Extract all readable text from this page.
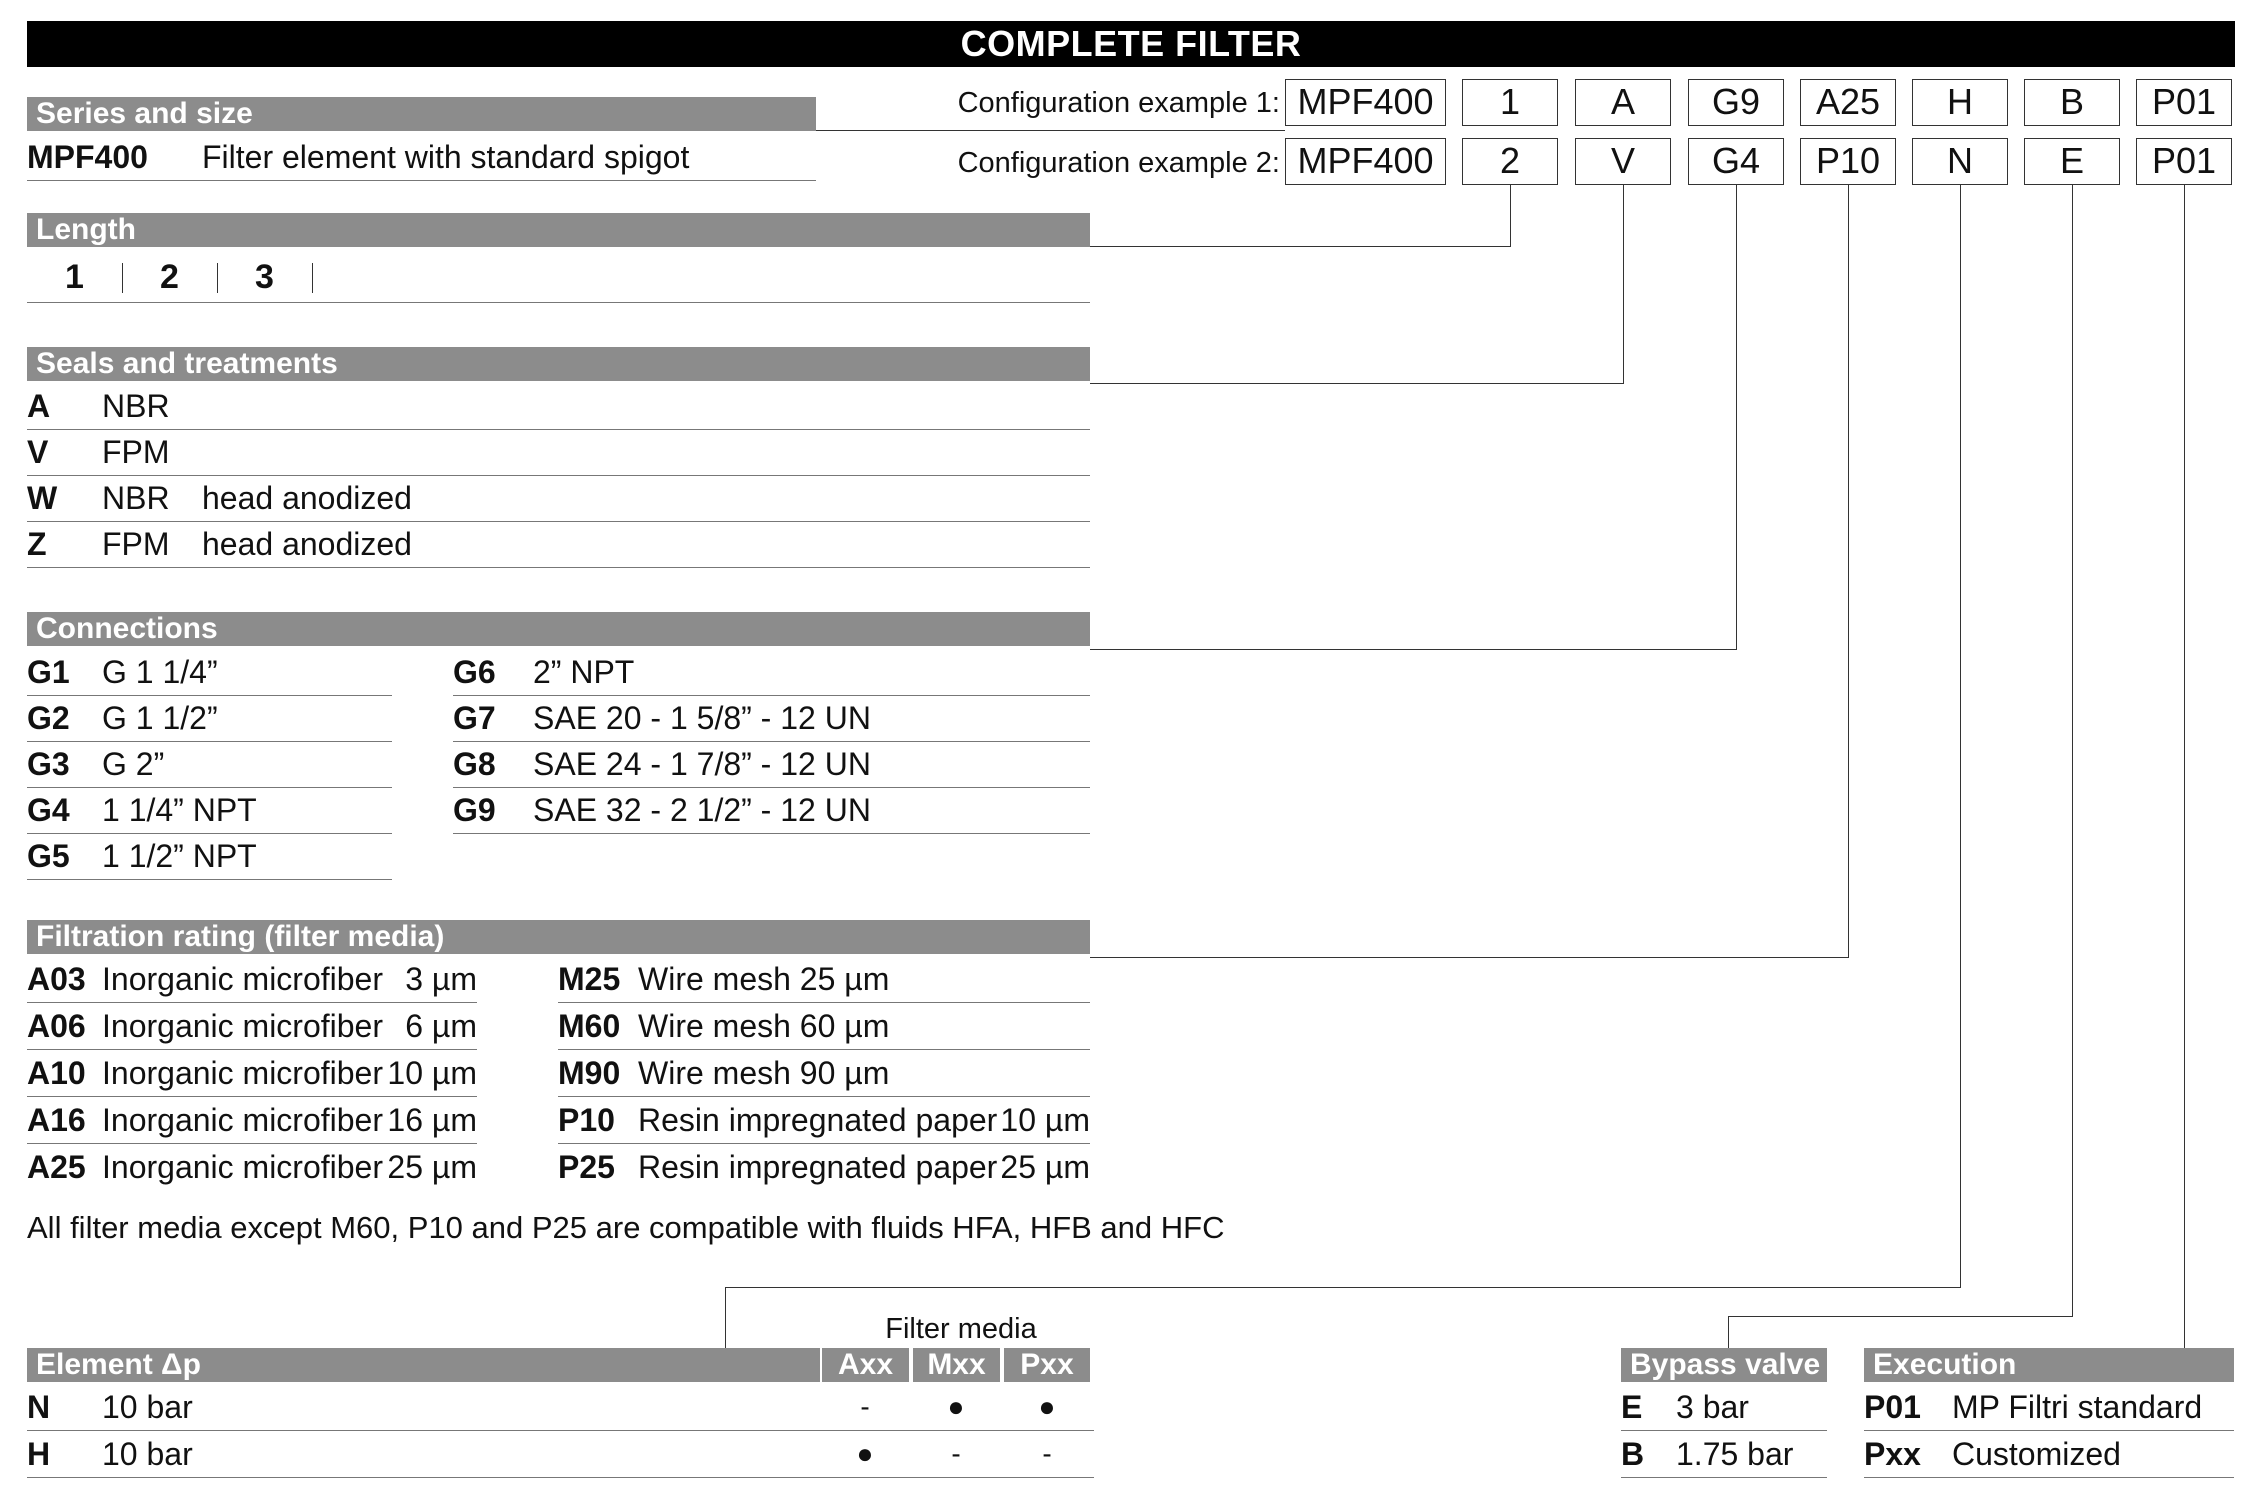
COMPLETE FILTER
Configuration example 1:
Configuration example 2:
MPF400	1	A	G9	A25	H	B	P01
MPF400	2	V	G4	P10	N	E	P01
Series and size
MPF400 Filter element with standard spigot
Length
1 2 3
Seals and treatments
A NBR
V FPM
W NBR head anodized
Z FPM head anodized
Connections
G1 G 1 1/4”
G2 G 1 1/2”
G3 G 2”
G4 1 1/4” NPT
G5 1 1/2” NPT
G6 2” NPT
G7 SAE 20 - 1 5/8” - 12 UN
G8 SAE 24 - 1 7/8” - 12 UN
G9 SAE 32 - 2 1/2” - 12 UN
Filtration rating (filter media)
A03 Inorganic microfiber 3 µm
A06 Inorganic microfiber 6 µm
A10 Inorganic microfiber 10 µm
A16 Inorganic microfiber 16 µm
A25 Inorganic microfiber 25 µm
M25 Wire mesh 25 µm
M60 Wire mesh 60 µm
M90 Wire mesh 90 µm
P10 Resin impregnated paper 10 µm
P25 Resin impregnated paper 25 µm
All filter media except M60, P10 and P25 are compatible with fluids HFA, HFB and HFC
Filter media
Element Δp	Axx	Mxx	Pxx
N 10 bar	-	●	●
H 10 bar	●	-	-
Bypass valve
E 3 bar
B 1.75 bar
Execution
P01 MP Filtri standard
Pxx Customized
